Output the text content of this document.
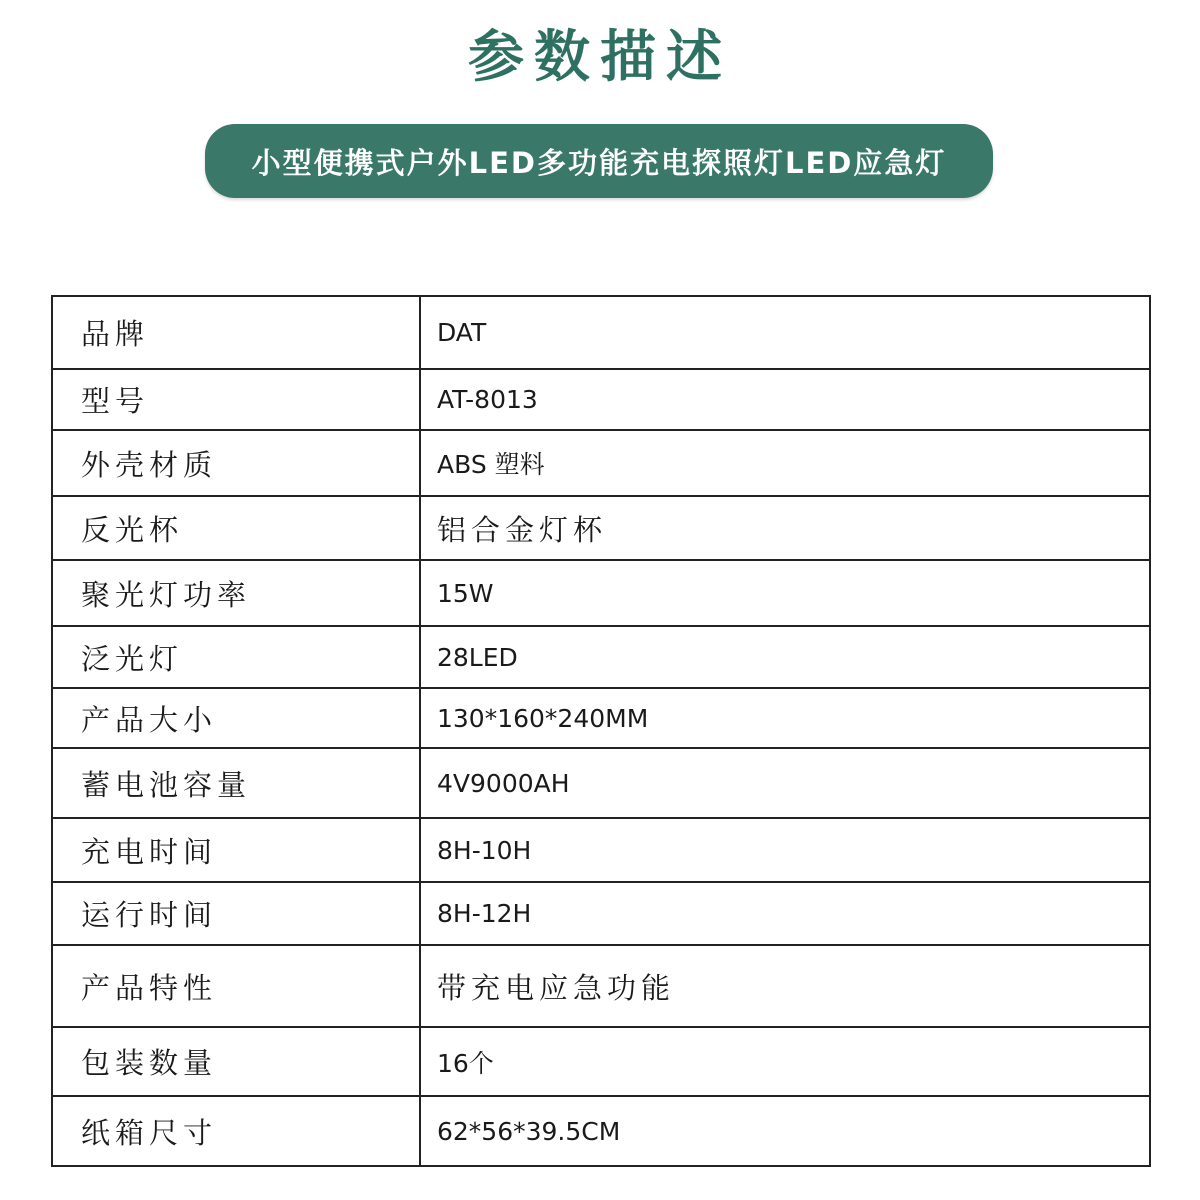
参数描述
小型便携式户外LED多功能充电探照灯LED应急灯
品牌	DAT
型号	AT-8013
外壳材质	ABS 塑料
反光杯	铝合金灯杯
聚光灯功率	15W
泛光灯	28LED
产品大小	130*160*240MM
蓄电池容量	4V9000AH
充电时间	8H-10H
运行时间	8H-12H
产品特性	带充电应急功能
包装数量	16个
纸箱尺寸	62*56*39.5CM
